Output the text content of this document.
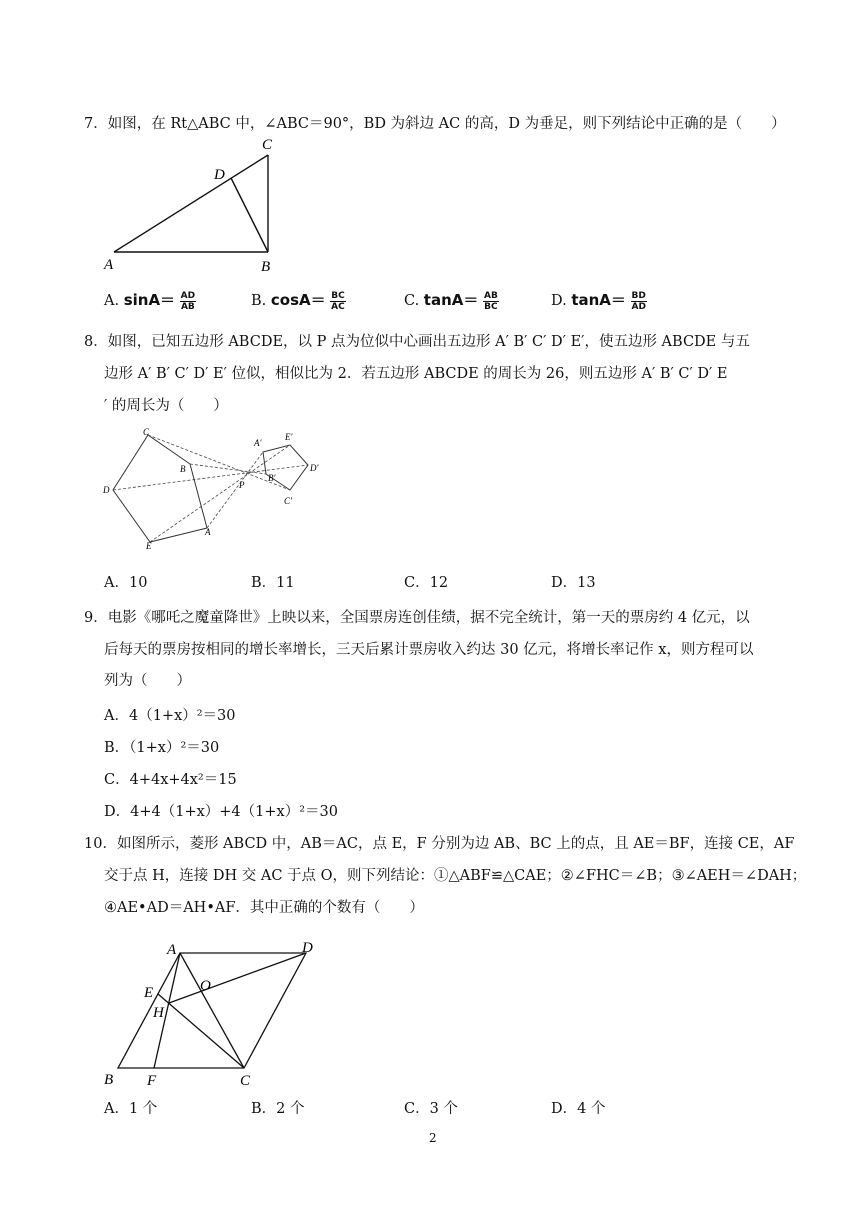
7．如图，在 Rt△ABC 中，∠ABC＝90°，BD 为斜边 AC 的高，D 为垂足，则下列结论中正确的是（　　）
C
D
A	B
A. $\sin A= \frac{AD}{AB}$	B. $\cos A= \frac{BC}{AC}$	C. $\tan A= \frac{AB}{BC}$	D. $\tan A= \frac{BD}{AD}$
8．如图，已知五边形 ABCDE，以 P 点为位似中心画出五边形 A′ B′ C′ D′ E′，使五边形 ABCDE 与五
边形 A′ B′ C′ D′ E′ 位似，相似比为 2．若五边形 ABCDE 的周长为 26，则五边形 A′ B′ C′ D′ E
′ 的周长为（　　）
C
B
D
A
E
P
A′
E′
D′
B′
C′
A．10	B．11	C．12	D．13
9．电影《哪吒之魔童降世》上映以来，全国票房连创佳绩，据不完全统计，第一天的票房约 4 亿元，以
后每天的票房按相同的增长率增长，三天后累计票房收入约达 30 亿元，将增长率记作 x，则方程可以
列为（　　）
A．4（1+x）²＝30
B．（1+x）²＝30
C．4+4x+4x²＝15
D．4+4（1+x）+4（1+x）²＝30
10．如图所示，菱形 ABCD 中，AB＝AC，点 E，F 分别为边 AB、BC 上的点，且 AE＝BF，连接 CE，AF
交于点 H，连接 DH 交 AC 于点 O，则下列结论：①△ABF≌△CAE；②∠FHC＝∠B；③∠AEH＝∠DAH；
④AE•AD＝AH•AF．其中正确的个数有（　　）
A	D
E
H
O
B F	C
A．1 个	B．2 个	C．3 个	D．4 个
2
